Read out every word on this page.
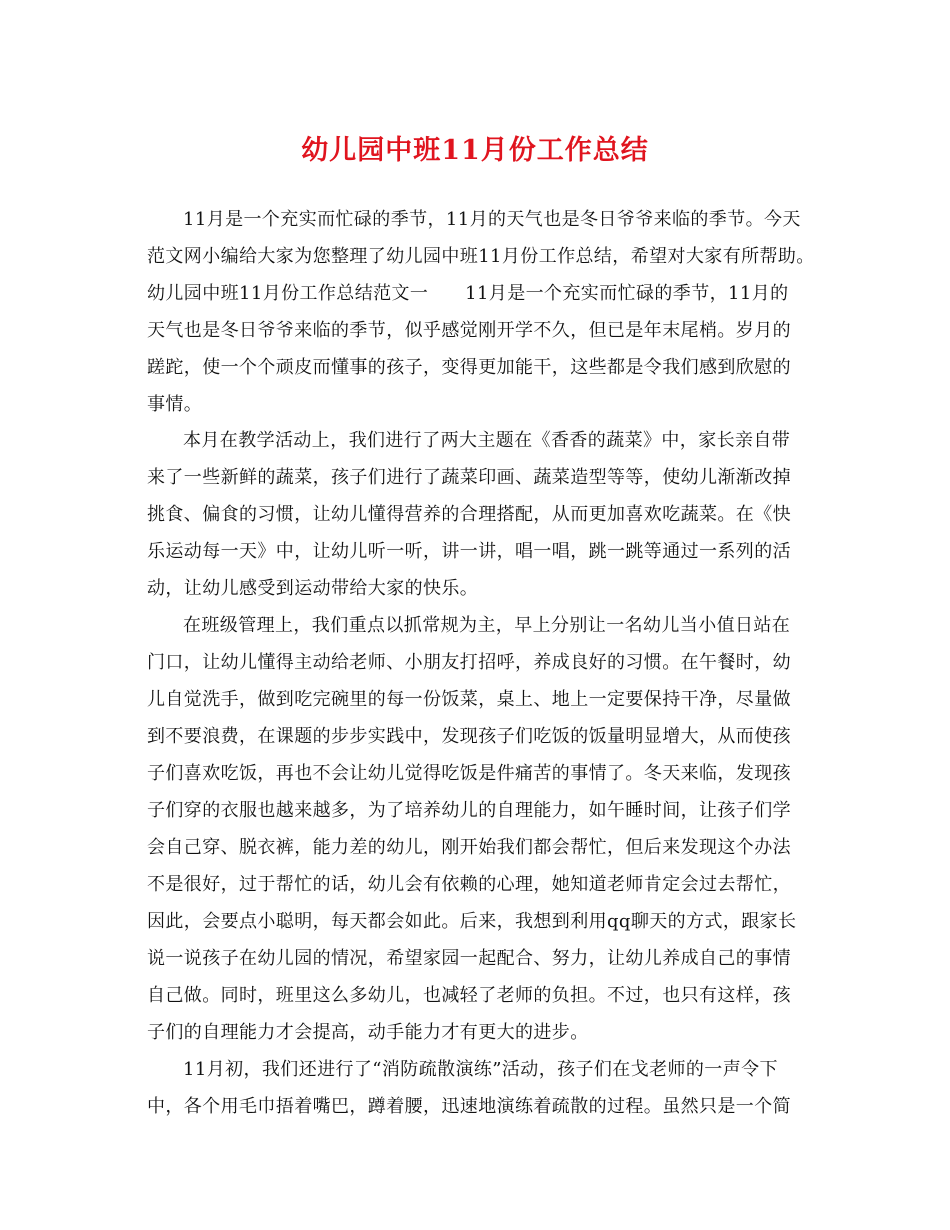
幼儿园中班11月份工作总结
11月是一个充实而忙碌的季节，11月的天气也是冬日爷爷来临的季节。今天
范文网小编给大家为您整理了幼儿园中班11月份工作总结，希望对大家有所帮助。
幼儿园中班11月份工作总结范文一　　11月是一个充实而忙碌的季节，11月的
天气也是冬日爷爷来临的季节，似乎感觉刚开学不久，但已是年末尾梢。岁月的
蹉跎，使一个个顽皮而懂事的孩子，变得更加能干，这些都是令我们感到欣慰的
事情。
本月在教学活动上，我们进行了两大主题在《香香的蔬菜》中，家长亲自带
来了一些新鲜的蔬菜，孩子们进行了蔬菜印画、蔬菜造型等等，使幼儿渐渐改掉
挑食、偏食的习惯，让幼儿懂得营养的合理搭配，从而更加喜欢吃蔬菜。在《快
乐运动每一天》中，让幼儿听一听，讲一讲，唱一唱，跳一跳等通过一系列的活
动，让幼儿感受到运动带给大家的快乐。
在班级管理上，我们重点以抓常规为主，早上分别让一名幼儿当小值日站在
门口，让幼儿懂得主动给老师、小朋友打招呼，养成良好的习惯。在午餐时，幼
儿自觉洗手，做到吃完碗里的每一份饭菜，桌上、地上一定要保持干净，尽量做
到不要浪费，在课题的步步实践中，发现孩子们吃饭的饭量明显增大，从而使孩
子们喜欢吃饭，再也不会让幼儿觉得吃饭是件痛苦的事情了。冬天来临，发现孩
子们穿的衣服也越来越多，为了培养幼儿的自理能力，如午睡时间，让孩子们学
会自己穿、脱衣裤，能力差的幼儿，刚开始我们都会帮忙，但后来发现这个办法
不是很好，过于帮忙的话，幼儿会有依赖的心理，她知道老师肯定会过去帮忙，
因此，会要点小聪明，每天都会如此。后来，我想到利用qq聊天的方式，跟家长
说一说孩子在幼儿园的情况，希望家园一起配合、努力，让幼儿养成自己的事情
自己做。同时，班里这么多幼儿，也减轻了老师的负担。不过，也只有这样，孩
子们的自理能力才会提高，动手能力才有更大的进步。
11月初，我们还进行了“消防疏散演练”活动，孩子们在戈老师的一声令下
中，各个用毛巾捂着嘴巴，蹲着腰，迅速地演练着疏散的过程。虽然只是一个简
